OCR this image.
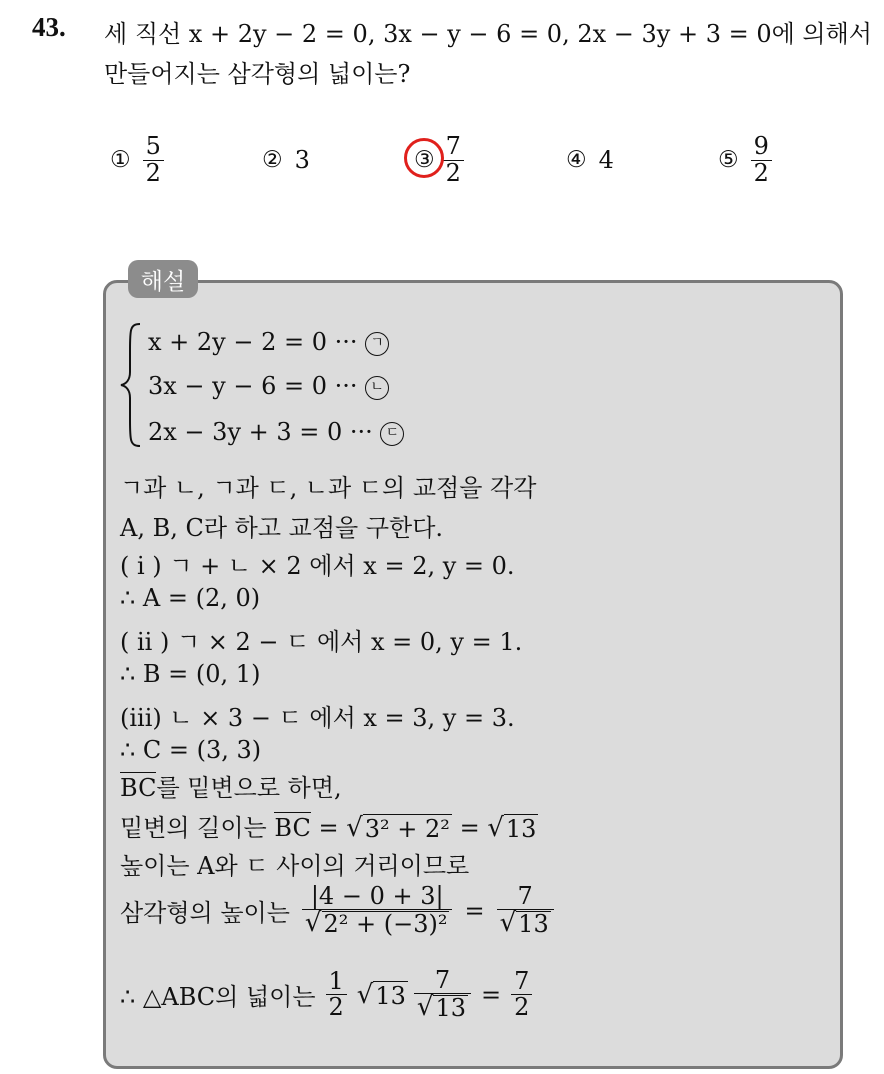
43. 세 직선 x + 2y − 2 = 0, 3x − y − 6 = 0, 2x − 3y + 3 = 0에 의해서
만들어지는 삼각형의 넓이는?
① $\frac{5}{2}$	② 3	③ $\frac{7}{2}$	④ 4	⑤ $\frac{9}{2}$
해설
x + 2y − 2 = 0 ··· ㄱ
3x − y − 6 = 0 ··· ㄴ
2x − 3y + 3 = 0 ··· ㄷ
ㄱ과 ㄴ, ㄱ과 ㄷ, ㄴ과 ㄷ의 교점을 각각
A, B, C라 하고 교점을 구한다.
( i ) ㄱ + ㄴ × 2 에서 x = 2, y = 0.
∴ A = (2, 0)
( ii ) ㄱ × 2 − ㄷ 에서 x = 0, y = 1.
∴ B = (0, 1)
(iii) ㄴ × 3 − ㄷ 에서 x = 3, y = 3.
∴ C = (3, 3)
BC를 밑변으로 하면,
밑변의 길이는 BC = √ 3² + 2² = √ 13
높이는 A와 ㄷ 사이의 거리이므로
삼각형의 높이는 $\frac{|4 - 0 + 3|}{\text{√ 2² + (−3)²}} = \frac{7}{√ 13}$
∴ △ABC의 넓이는 $\frac{1}{2}$ √ $13 \frac{7}{√ 13} = \frac{7}{2}$
